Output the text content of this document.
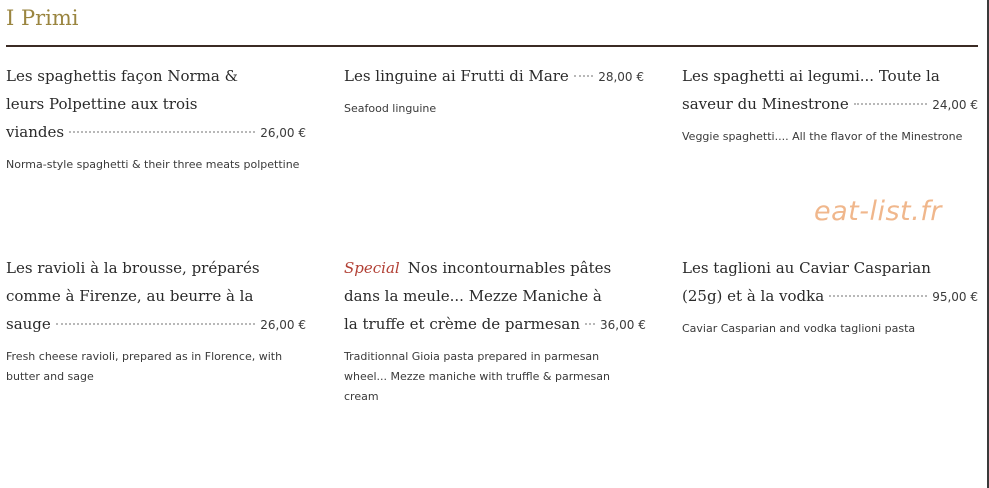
I Primi
Les spaghettis façon Norma &
leurs Polpettine aux trois
viandes	26,00 €
Norma-style spaghetti & their three meats polpettine
Les linguine ai Frutti di Mare 28,00 €
Seafood linguine
Les spaghetti ai legumi... Toute la
saveur du Minestrone	24,00 €
Veggie spaghetti.... All the flavor of the Minestrone
Les ravioli à la brousse, préparés
comme à Firenze, au beurre à la
sauge	26,00 €
Fresh cheese ravioli, prepared as in Florence, with butter and sage
Special Nos incontournables pâtes
dans la meule... Mezze Maniche à
la truffe et crème de parmesan 36,00 €
Traditionnal Gioia pasta prepared in parmesan wheel... Mezze maniche with truffle & parmesan cream
Les taglioni au Caviar Casparian
(25g) et à la vodka	95,00 €
Caviar Casparian and vodka taglioni pasta
eat-list.fr
